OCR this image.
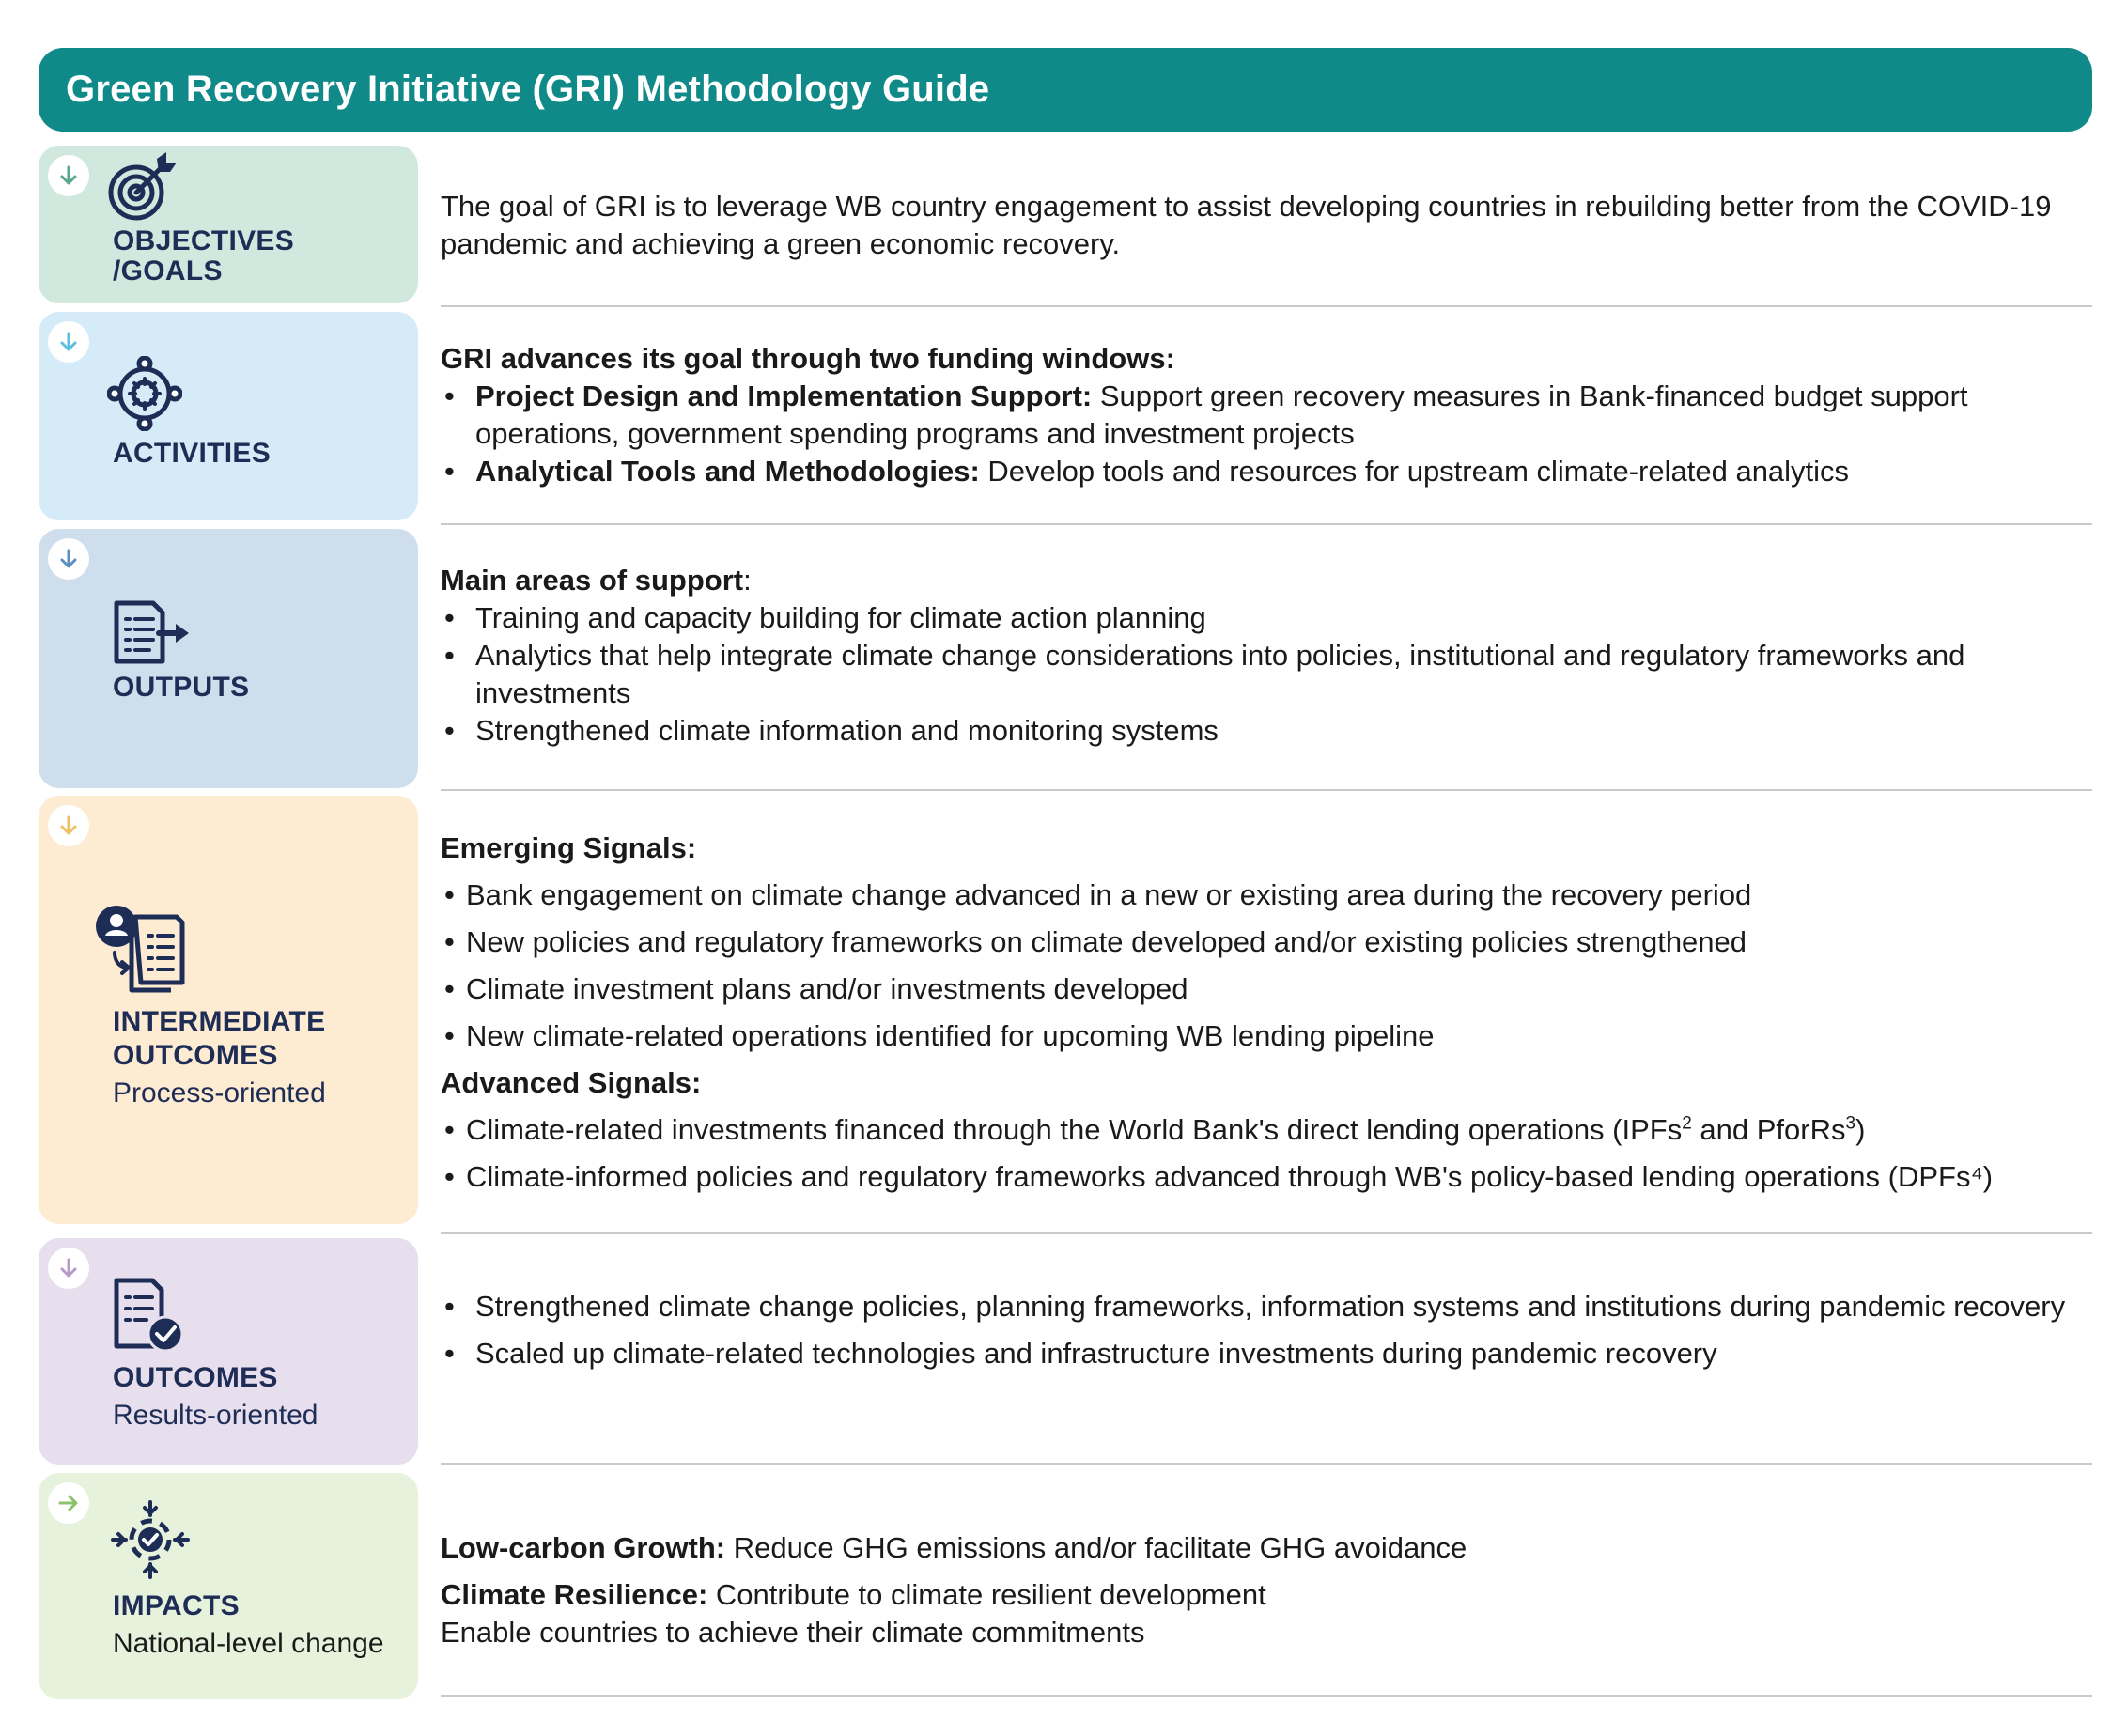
Green Recovery Initiative (GRI) Methodology Guide
OBJECTIVES
/GOALS

The goal of GRI is to leverage WB country engagement to assist developing countries in rebuilding better from the COVID-19 pandemic and achieving a green economic recovery.

ACTIVITIES

GRI advances its goal through two funding windows:

• Project Design and Implementation Support: Support green recovery measures in Bank-financed budget support operations, government spending programs and investment projects
• Analytical Tools and Methodologies: Develop tools and resources for upstream climate-related analytics
OUTPUTS

Main areas of support:

• Training and capacity building for climate action planning
• Analytics that help integrate climate change considerations into policies, institutional and regulatory frameworks and investments
• Strengthened climate information and monitoring systems
INTERMEDIATE
OUTCOMES
Process-oriented

Emerging Signals:

• Bank engagement on climate change advanced in a new or existing area during the recovery period
• New policies and regulatory frameworks on climate developed and/or existing policies strengthened
• Climate investment plans and/or investments developed
• New climate-related operations identified for upcoming WB lending pipeline

Advanced Signals:

• Climate-related investments financed through the World Bank's direct lending operations (IPFs$^2$ and PforRs$^3$)
• Climate-informed policies and regulatory frameworks advanced through WB's policy-based lending operations (DPFs⁴)
OUTCOMES
Results-oriented
• Strengthened climate change policies, planning frameworks, information systems and institutions during pandemic recovery
• Scaled up climate-related technologies and infrastructure investments during pandemic recovery
IMPACTS
National-level change

Low-carbon Growth: Reduce GHG emissions and/or facilitate GHG avoidance

Climate Resilience: Contribute to climate resilient development

Enable countries to achieve their climate commitments
